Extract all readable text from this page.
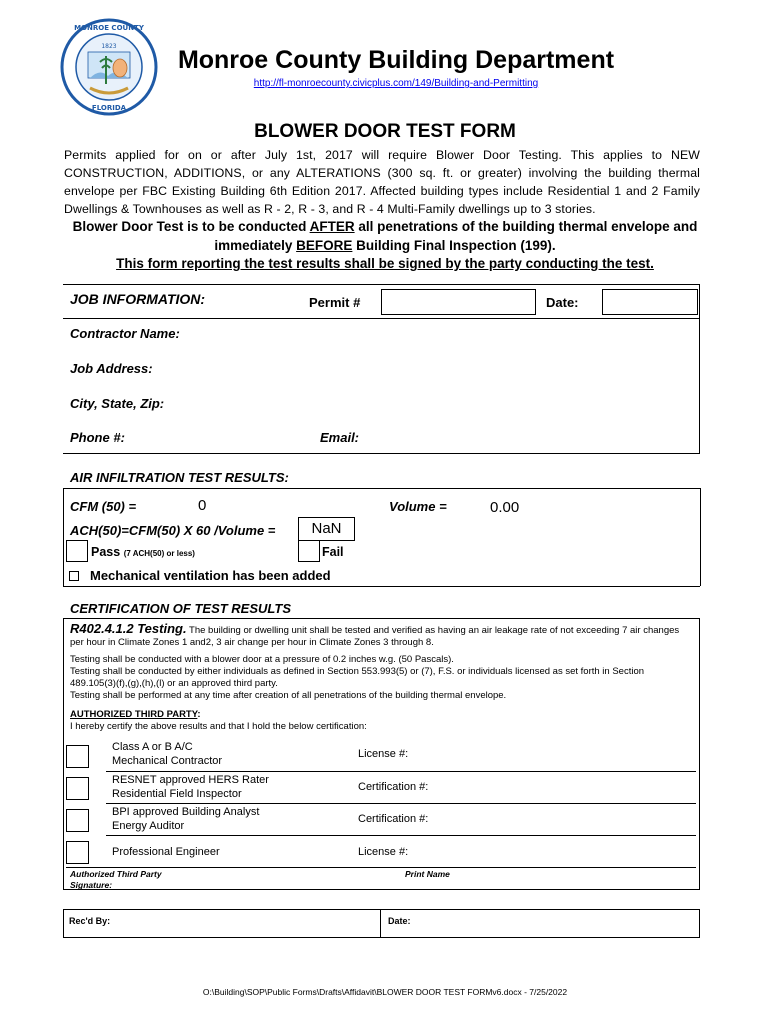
1823
MONROE COUNTY
FLORIDA
Monroe County Building Department
http://fl-monroecounty.civicplus.com/149/Building-and-Permitting
BLOWER DOOR TEST FORM
Permits applied for on or after July 1st, 2017 will require Blower Door Testing. This applies to NEW CONSTRUCTION, ADDITIONS, or any ALTERATIONS (300 sq. ft. or greater) involving the building thermal envelope per FBC Existing Building 6th Edition 2017. Affected building types include Residential 1 and 2 Family Dwellings & Townhouses as well as R - 2, R - 3, and R - 4 Multi-Family dwellings up to 3 stories.
Blower Door Test is to be conducted AFTER all penetrations of the building thermal envelope and
immediately BEFORE Building Final Inspection (199).
This form reporting the test results shall be signed by the party conducting the test.
JOB INFORMATION:	Permit #	Date:
Contractor Name:
Job Address:
City, State, Zip:
Phone #:	Email:
AIR INFILTRATION TEST RESULTS:
CFM (50) =	0	Volume =	0.00
ACH(50)=CFM(50) X 60 /Volume =	NaN
Pass (7 ACH(50) or less)	Fail
Mechanical ventilation has been added
CERTIFICATION OF TEST RESULTS
R402.4.1.2 Testing. The building or dwelling unit shall be tested and verified as having an air leakage rate of not exceeding 7 air changes per hour in Climate Zones 1 and2, 3 air change per hour in Climate Zones 3 through 8.
Testing shall be conducted with a blower door at a pressure of 0.2 inches w.g. (50 Pascals).
Testing shall be conducted by either individuals as defined in Section 553.993(5) or (7), F.S. or individuals licensed as set forth in Section 489.105(3)(f),(g),(h),(l) or an approved third party.
Testing shall be performed at any time after creation of all penetrations of the building thermal envelope.
AUTHORIZED THIRD PARTY:
I hereby certify the above results and that I hold the below certification:
Class A or B A/C
Mechanical Contractor
License #:
RESNET approved HERS Rater
Residential Field Inspector
Certification #:
BPI approved Building Analyst
Energy Auditor
Certification #:
Professional Engineer	License #:
Authorized Third Party
Signature:
Print Name
Rec'd By:	Date:
O:\Building\SOP\Public Forms\Drafts\Affidavit\BLOWER DOOR TEST FORMv6.docx - 7/25/2022
